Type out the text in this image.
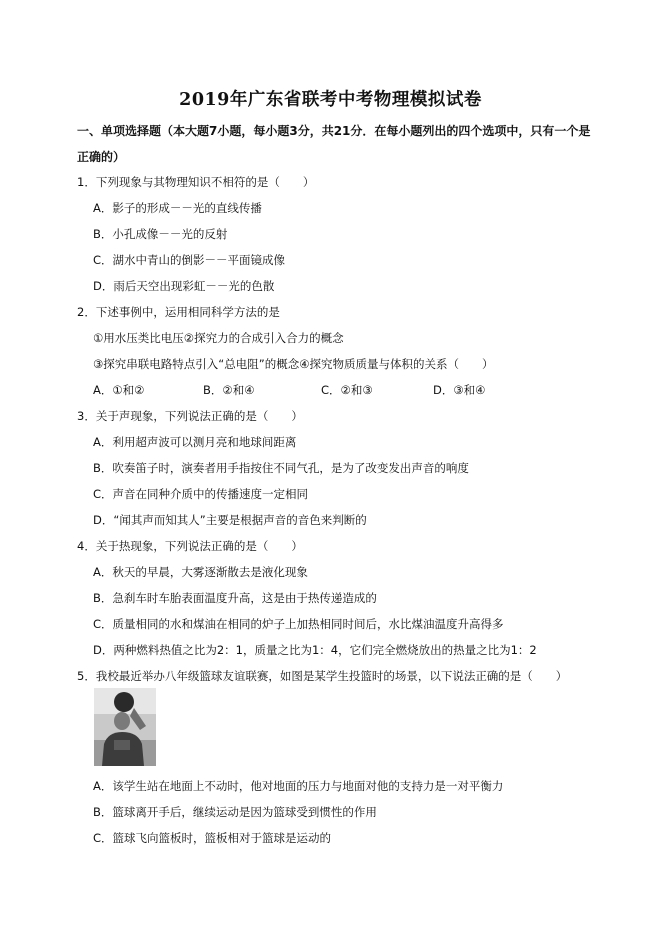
2019年广东省联考中考物理模拟试卷
一、单项选择题（本大题7小题，每小题3分，共21分．在每小题列出的四个选项中，只有一个是
正确的）
1．下列现象与其物理知识不相符的是（　　）
A．影子的形成－－光的直线传播
B．小孔成像－－光的反射
C．湖水中青山的倒影－－平面镜成像
D．雨后天空出现彩虹－－光的色散
2．下述事例中，运用相同科学方法的是
①用水压类比电压②探究力的合成引入合力的概念
③探究串联电路特点引入“总电阻”的概念④探究物质质量与体积的关系（　　）
A．①和②	B．②和④	C．②和③	D．③和④
3．关于声现象，下列说法正确的是（　　）
A．利用超声波可以测月亮和地球间距离
B．吹奏笛子时，演奏者用手指按住不同气孔，是为了改变发出声音的响度
C．声音在同种介质中的传播速度一定相同
D．“闻其声而知其人”主要是根据声音的音色来判断的
4．关于热现象，下列说法正确的是（　　）
A．秋天的早晨，大雾逐渐散去是液化现象
B．急刹车时车胎表面温度升高，这是由于热传递造成的
C．质量相同的水和煤油在相同的炉子上加热相同时间后，水比煤油温度升高得多
D．两种燃料热值之比为2：1，质量之比为1：4，它们完全燃烧放出的热量之比为1：2
5．我校最近举办八年级篮球友谊联赛，如图是某学生投篮时的场景，以下说法正确的是（　　）
A．该学生站在地面上不动时，他对地面的压力与地面对他的支持力是一对平衡力
B．篮球离开手后，继续运动是因为篮球受到惯性的作用
C．篮球飞向篮板时，篮板相对于篮球是运动的
